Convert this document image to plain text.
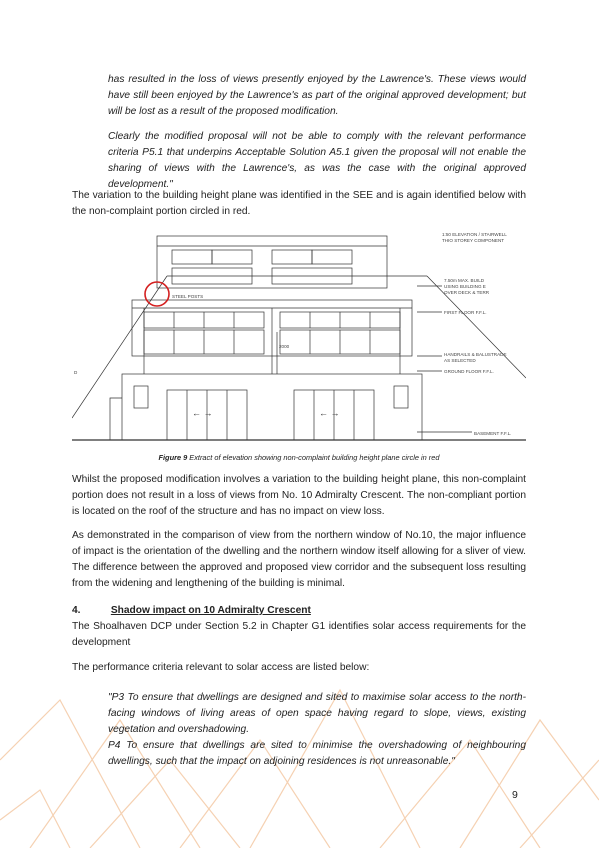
has resulted in the loss of views presently enjoyed by the Lawrence's. These views would have still been enjoyed by the Lawrence's as part of the original approved development; but will be lost as a result of the proposed modification.

Clearly the modified proposal will not be able to comply with the relevant performance criteria P5.1 that underpins Acceptable Solution A5.1 given the proposal will not enable the sharing of views with the Lawrence's, as was the case with the original approved development."

The variation to the building height plane was identified in the SEE and is again identified below with the non-complaint portion circled in red.

1:50 ELEVATION / STAIRWELL
THIO STOREY COMPONENT
7.50m MAX. BUILD
USING BUILDING E
OVER DECK & TERR
STEEL POSTS
FIRST FLOOR F.F.L.
HANDRAILS & BALUSTRADE
AS SELECTED
GROUND FLOOR F.F.L.
BASEMENT F.F.L.
2000
D
← →	← →

Figure 9 Extract of elevation showing non-complaint building height plane circle in red

Whilst the proposed modification involves a variation to the building height plane, this non-complaint portion does not result in a loss of views from No. 10 Admiralty Crescent. The non-compliant portion is located on the roof of the structure and has no impact on view loss.

As demonstrated in the comparison of view from the northern window of No.10, the major influence of impact is the orientation of the dwelling and the northern window itself allowing for a sliver of view. The difference between the approved and proposed view corridor and the subsequent loss resulting from the widening and lengthening of the building is minimal.

4.	Shadow impact on 10 Admiralty Crescent

The Shoalhaven DCP under Section 5.2 in Chapter G1 identifies solar access requirements for the development

The performance criteria relevant to solar access are listed below:

"P3 To ensure that dwellings are designed and sited to maximise solar access to the north-facing windows of living areas of open space having regard to slope, views, existing vegetation and overshadowing.

P4 To ensure that dwellings are sited to minimise the overshadowing of neighbouring dwellings, such that the impact on adjoining residences is not unreasonable."

9
